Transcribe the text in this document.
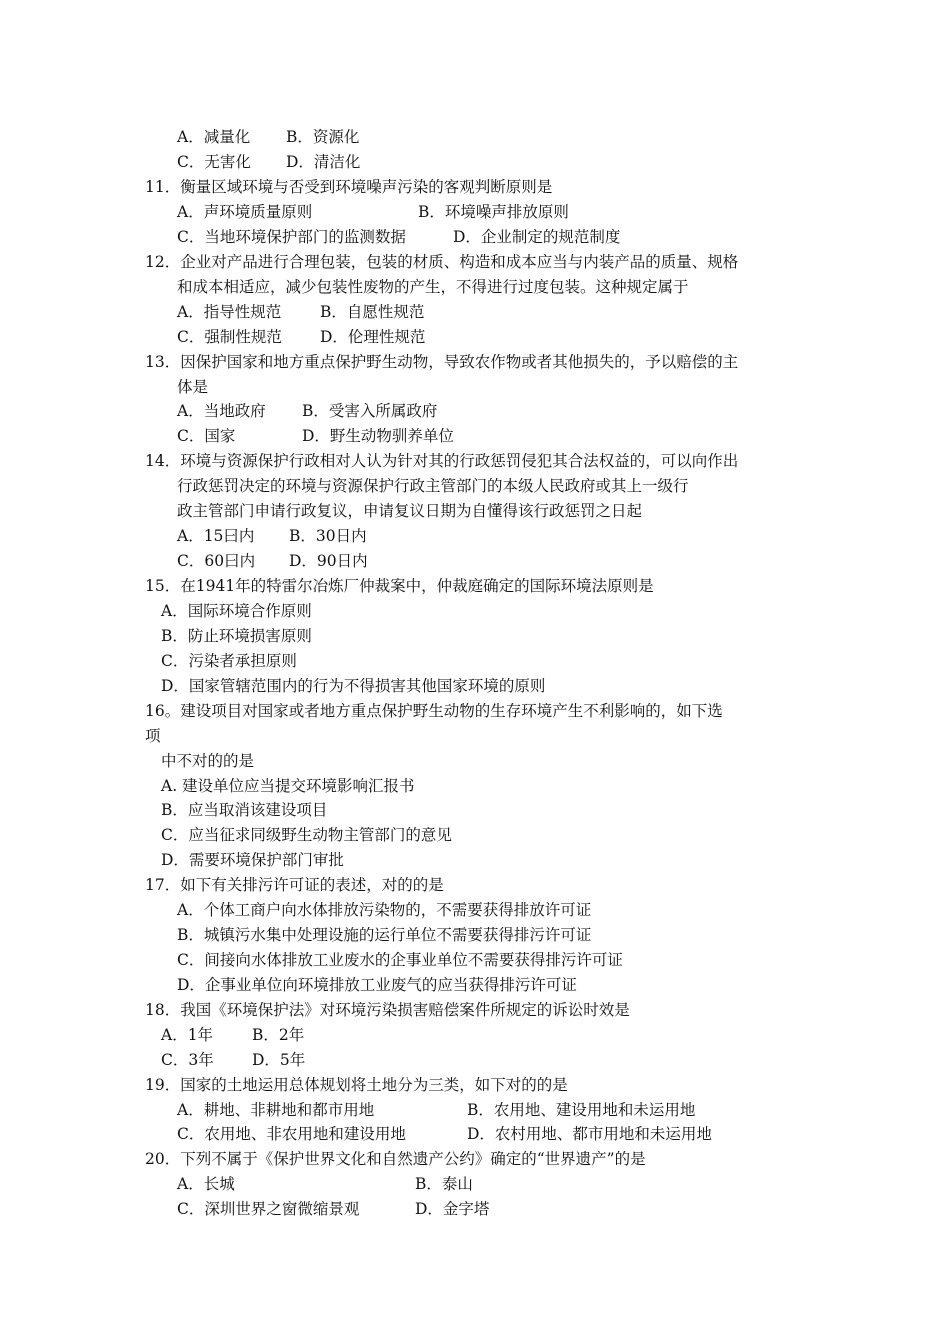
A．减量化 B．资源化
C．无害化 D．清洁化
11．衡量区域环境与否受到环境噪声污染的客观判断原则是
A．声环境质量原则	B．环境噪声排放原则
C．当地环境保护部门的监测数据	D．企业制定的规范制度
12．企业对产品进行合理包装，包装的材质、构造和成本应当与内装产品的质量、规格
和成本相适应，减少包装性废物的产生，不得进行过度包装。这种规定属于
A．指导性规范	B．自愿性规范
C．强制性规范 D．伦理性规范
13．因保护国家和地方重点保护野生动物，导致农作物或者其他损失的，予以赔偿的主
体是
A．当地政府 B．受害入所属政府
C．国家	D．野生动物驯养单位
14．环境与资源保护行政相对人认为针对其的行政惩罚侵犯其合法权益的，可以向作出
行政惩罚决定的环境与资源保护行政主管部门的本级人民政府或其上一级行
政主管部门申请行政复议，申请复议日期为自懂得该行政惩罚之日起
A．15曰内 B．30日内
C．60曰内 D．90日内
15．在1941年的特雷尔冶炼厂仲裁案中，仲裁庭确定的国际环境法原则是
A．国际环境合作原则
B．防止环境损害原则
C．污染者承担原则
D．国家管辖范围内的行为不得损害其他国家环境的原则
16。建设项目对国家或者地方重点保护野生动物的生存环境产生不利影响的，如下选
项
中不对的的是
A. 建设单位应当提交环境影响汇报书
B．应当取消该建设项目
C．应当征求同级野生动物主管部门的意见
D．需要环境保护部门审批
17．如下有关排污许可证的表述，对的的是
A．个体工商户向水体排放污染物的，不需要获得排放许可证
B．城镇污水集中处理设施的运行单位不需要获得排污许可证
C．间接向水体排放工业废水的企事业单位不需要获得排污许可证
D．企事业单位向环境排放工业废气的应当获得排污许可证
18．我国《环境保护法》对环境污染损害赔偿案件所规定的诉讼时效是
A．1年	B．2年
C．3年 D．5年
19．国家的土地运用总体规划将土地分为三类，如下对的的是
A．耕地、非耕地和都市用地	B．农用地、建设用地和未运用地
C．农用地、非农用地和建设用地	D．农村用地、都市用地和未运用地
20．下列不属于《保护世界文化和自然遗产公约》确定的“世界遗产”的是
A．长城	B．泰山
C．深圳世界之窗微缩景观	D．金字塔
